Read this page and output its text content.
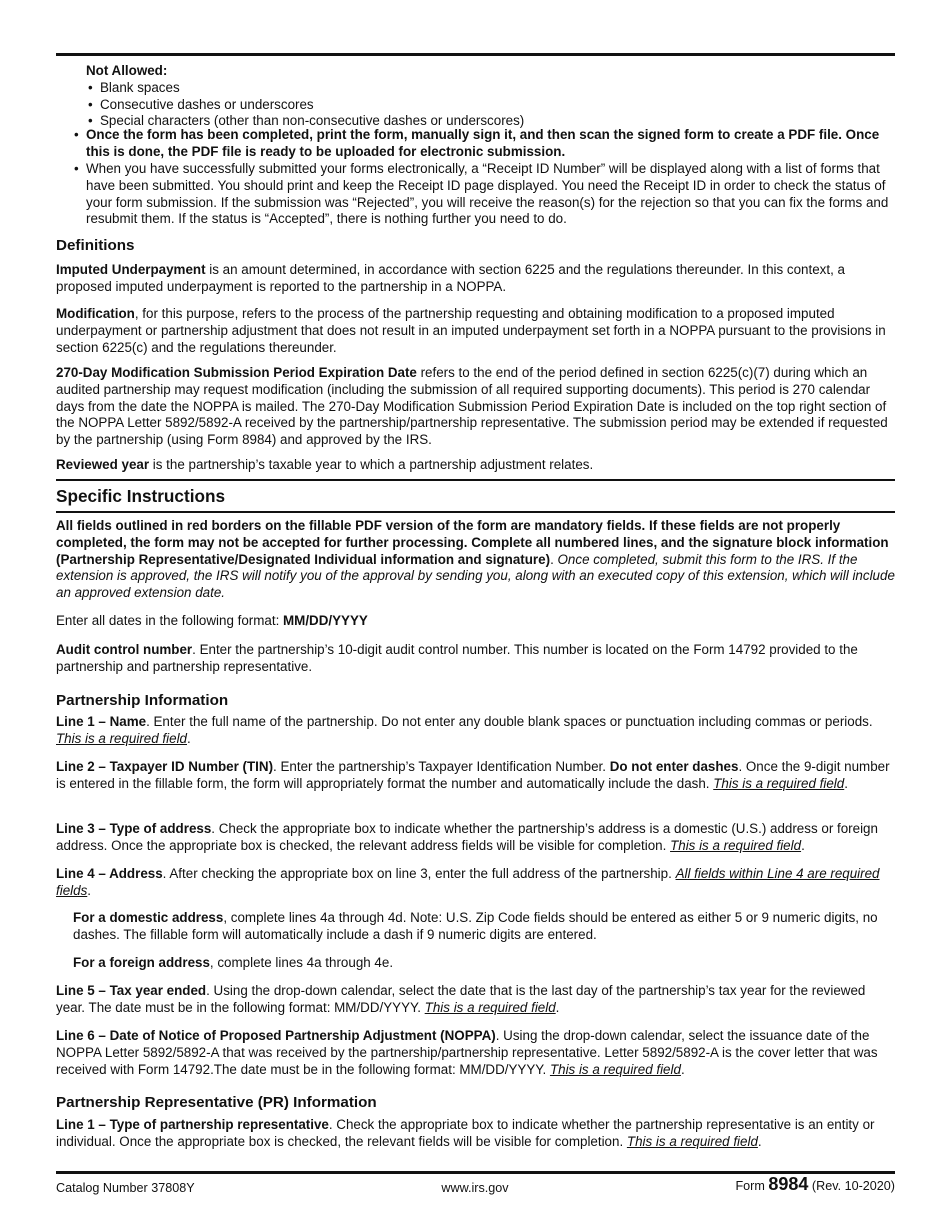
Not Allowed:

• Blank spaces
• Consecutive dashes or underscores
• Special characters (other than non-consecutive dashes or underscores)
• Once the form has been completed, print the form, manually sign it, and then scan the signed form to create a PDF file. Once this is done, the PDF file is ready to be uploaded for electronic submission.
• When you have successfully submitted your forms electronically, a “Receipt ID Number” will be displayed along with a list of forms that have been submitted. You should print and keep the Receipt ID page displayed. You need the Receipt ID in order to check the status of your form submission. If the submission was “Rejected”, you will receive the reason(s) for the rejection so that you can fix the forms and resubmit them. If the status is “Accepted”, there is nothing further you need to do.
Definitions

Imputed Underpayment is an amount determined, in accordance with section 6225 and the regulations thereunder. In this context, a proposed imputed underpayment is reported to the partnership in a NOPPA.

Modification, for this purpose, refers to the process of the partnership requesting and obtaining modification to a proposed imputed underpayment or partnership adjustment that does not result in an imputed underpayment set forth in a NOPPA pursuant to the provisions in section 6225(c) and the regulations thereunder.

270-Day Modification Submission Period Expiration Date refers to the end of the period defined in section 6225(c)(7) during which an audited partnership may request modification (including the submission of all required supporting documents). This period is 270 calendar days from the date the NOPPA is mailed. The 270-Day Modification Submission Period Expiration Date is included on the top right section of the NOPPA Letter 5892/5892-A received by the partnership/partnership representative. The submission period may be extended if requested by the partnership (using Form 8984) and approved by the IRS.

Reviewed year is the partnership’s taxable year to which a partnership adjustment relates.

Specific Instructions

All fields outlined in red borders on the fillable PDF version of the form are mandatory fields. If these fields are not properly completed, the form may not be accepted for further processing. Complete all numbered lines, and the signature block information (Partnership Representative/Designated Individual information and signature). Once completed, submit this form to the IRS. If the extension is approved, the IRS will notify you of the approval by sending you, along with an executed copy of this extension, which will include an approved extension date.

Enter all dates in the following format: MM/DD/YYYY

Audit control number. Enter the partnership’s 10-digit audit control number. This number is located on the Form 14792 provided to the partnership and partnership representative.

Partnership Information

Line 1 – Name. Enter the full name of the partnership. Do not enter any double blank spaces or punctuation including commas or periods. This is a required field.

Line 2 – Taxpayer ID Number (TIN). Enter the partnership’s Taxpayer Identification Number. Do not enter dashes. Once the 9-digit number is entered in the fillable form, the form will appropriately format the number and automatically include the dash. This is a required field.

Line 3 – Type of address. Check the appropriate box to indicate whether the partnership’s address is a domestic (U.S.) address or foreign address. Once the appropriate box is checked, the relevant address fields will be visible for completion. This is a required field.

Line 4 – Address. After checking the appropriate box on line 3, enter the full address of the partnership. All fields within Line 4 are required fields.

For a domestic address, complete lines 4a through 4d. Note: U.S. Zip Code fields should be entered as either 5 or 9 numeric digits, no dashes. The fillable form will automatically include a dash if 9 numeric digits are entered.

For a foreign address, complete lines 4a through 4e.

Line 5 – Tax year ended. Using the drop-down calendar, select the date that is the last day of the partnership’s tax year for the reviewed year. The date must be in the following format: MM/DD/YYYY. This is a required field.

Line 6 – Date of Notice of Proposed Partnership Adjustment (NOPPA). Using the drop-down calendar, select the issuance date of the NOPPA Letter 5892/5892-A that was received by the partnership/partnership representative. Letter 5892/5892-A is the cover letter that was received with Form 14792.The date must be in the following format: MM/DD/YYYY. This is a required field.

Partnership Representative (PR) Information

Line 1 – Type of partnership representative. Check the appropriate box to indicate whether the partnership representative is an entity or individual. Once the appropriate box is checked, the relevant fields will be visible for completion. This is a required field.

Catalog Number 37808Y	www.irs.gov	Form 8984 (Rev. 10-2020)
